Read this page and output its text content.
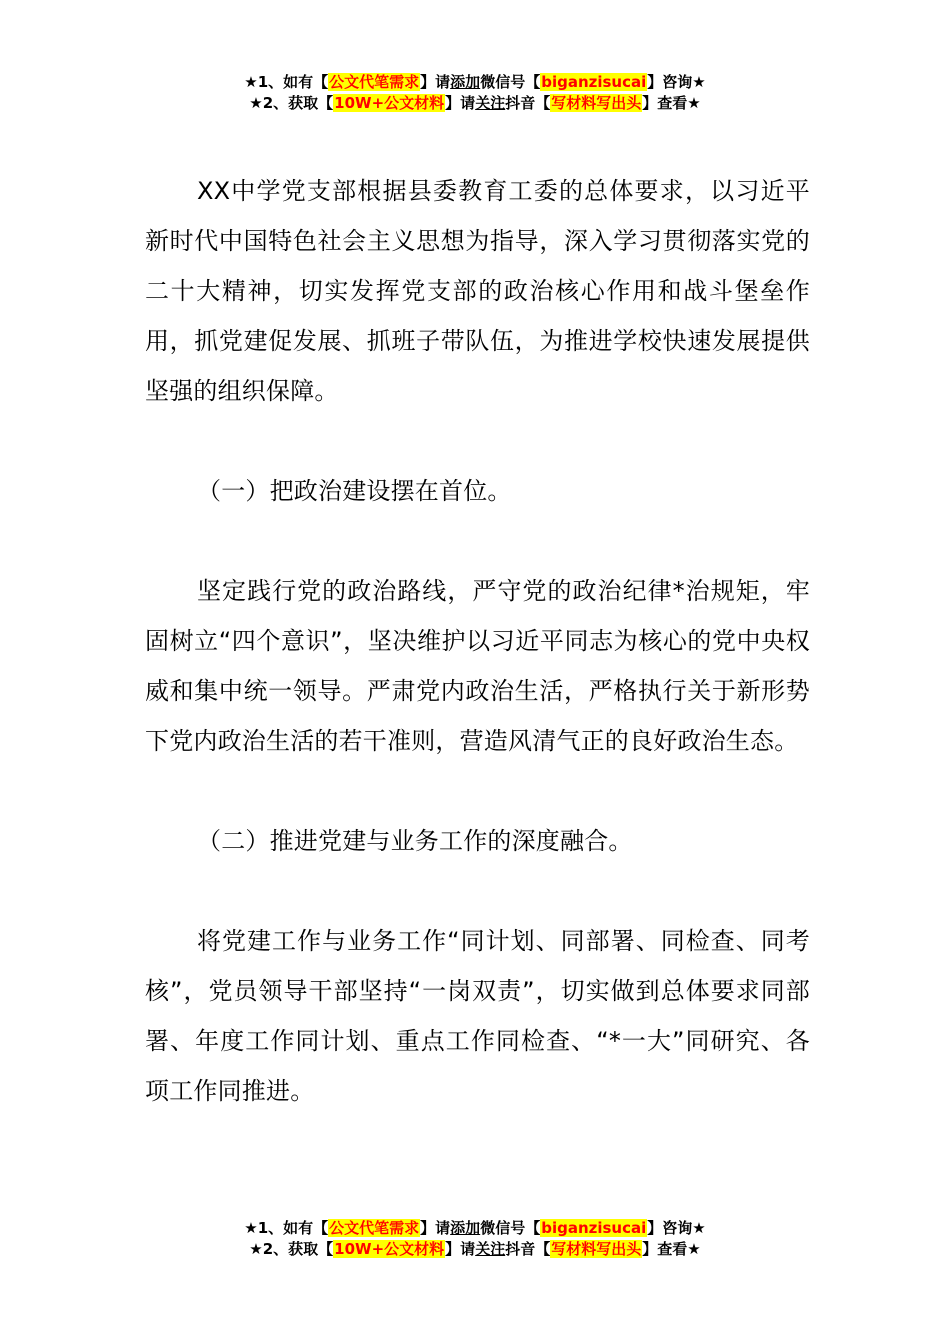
★1、如有【公文代笔需求】请添加微信号【biganzisucai】咨询★
★2、获取【10W+公文材料】请关注抖音【写材料写出头】查看★

XX中学党支部根据县委教育工委的总体要求，以习近平新时代中国特色社会主义思想为指导，深入学习贯彻落实党的二十大精神，切实发挥党支部的政治核心作用和战斗堡垒作用，抓党建促发展、抓班子带队伍，为推进学校快速发展提供坚强的组织保障。

（一）把政治建设摆在首位。

坚定践行党的政治路线，严守党的政治纪律*治规矩，牢固树立“四个意识”，坚决维护以习近平同志为核心的党中央权威和集中统一领导。严肃党内政治生活，严格执行关于新形势下党内政治生活的若干准则，营造风清气正的良好政治生态。

（二）推进党建与业务工作的深度融合。

将党建工作与业务工作“同计划、同部署、同检查、同考核”，党员领导干部坚持“一岗双责”，切实做到总体要求同部署、年度工作同计划、重点工作同检查、“*一大”同研究、各项工作同推进。

★1、如有【公文代笔需求】请添加微信号【biganzisucai】咨询★
★2、获取【10W+公文材料】请关注抖音【写材料写出头】查看★
